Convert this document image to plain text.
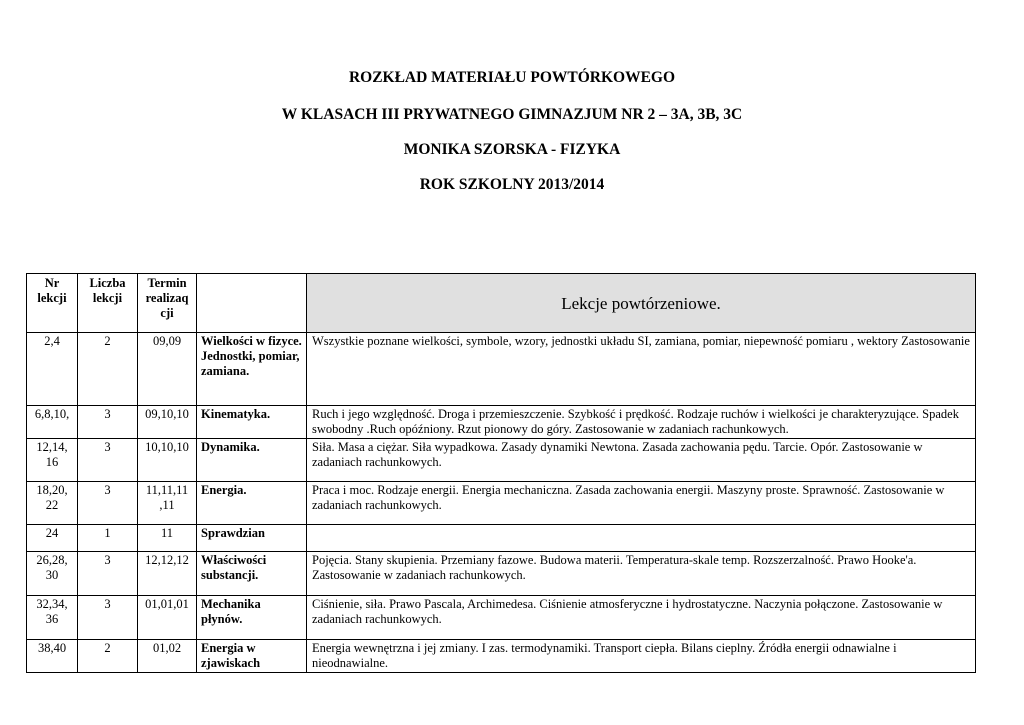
ROZKŁAD MATERIAŁU POWTÓRKOWEGO
W KLASACH III PRYWATNEGO GIMNAZJUM NR 2 – 3A, 3B, 3C
MONIKA SZORSKA - FIZYKA
ROK SZKOLNY 2013/2014
Nr lekcji	Liczba lekcji	Termin realizaq cji		Lekcje powtórzeniowe.
2,4	2	09,09	Wielkości w fizyce. Jednostki, pomiar, zamiana.	Wszystkie poznane wielkości, symbole, wzory, jednostki układu SI, zamiana, pomiar, niepewność pomiaru , wektory Zastosowanie
6,8,10,	3	09,10,10	Kinematyka.	Ruch i jego względność. Droga i przemieszczenie. Szybkość i prędkość. Rodzaje ruchów i wielkości je charakteryzujące. Spadek swobodny .Ruch opóźniony. Rzut pionowy do góry. Zastosowanie w zadaniach rachunkowych.
12,14, 16	3	10,10,10	Dynamika.	Siła. Masa a ciężar. Siła wypadkowa. Zasady dynamiki Newtona. Zasada zachowania pędu. Tarcie. Opór. Zastosowanie w zadaniach rachunkowych.
18,20, 22	3	11,11,11 ,11	Energia.	Praca i moc. Rodzaje energii. Energia mechaniczna. Zasada zachowania energii. Maszyny proste. Sprawność. Zastosowanie w zadaniach rachunkowych.
24	1	11	Sprawdzian	
26,28, 30	3	12,12,12	Właściwości substancji.	Pojęcia. Stany skupienia. Przemiany fazowe. Budowa materii. Temperatura-skale temp. Rozszerzalność. Prawo Hooke'a. Zastosowanie w zadaniach rachunkowych.
32,34, 36	3	01,01,01	Mechanika płynów.	Ciśnienie, siła. Prawo Pascala, Archimedesa. Ciśnienie atmosferyczne i hydrostatyczne. Naczynia połączone. Zastosowanie w zadaniach rachunkowych.
38,40	2	01,02	Energia w zjawiskach	Energia wewnętrzna i jej zmiany. I zas. termodynamiki. Transport ciepła. Bilans cieplny. Źródła energii odnawialne i nieodnawialne.
